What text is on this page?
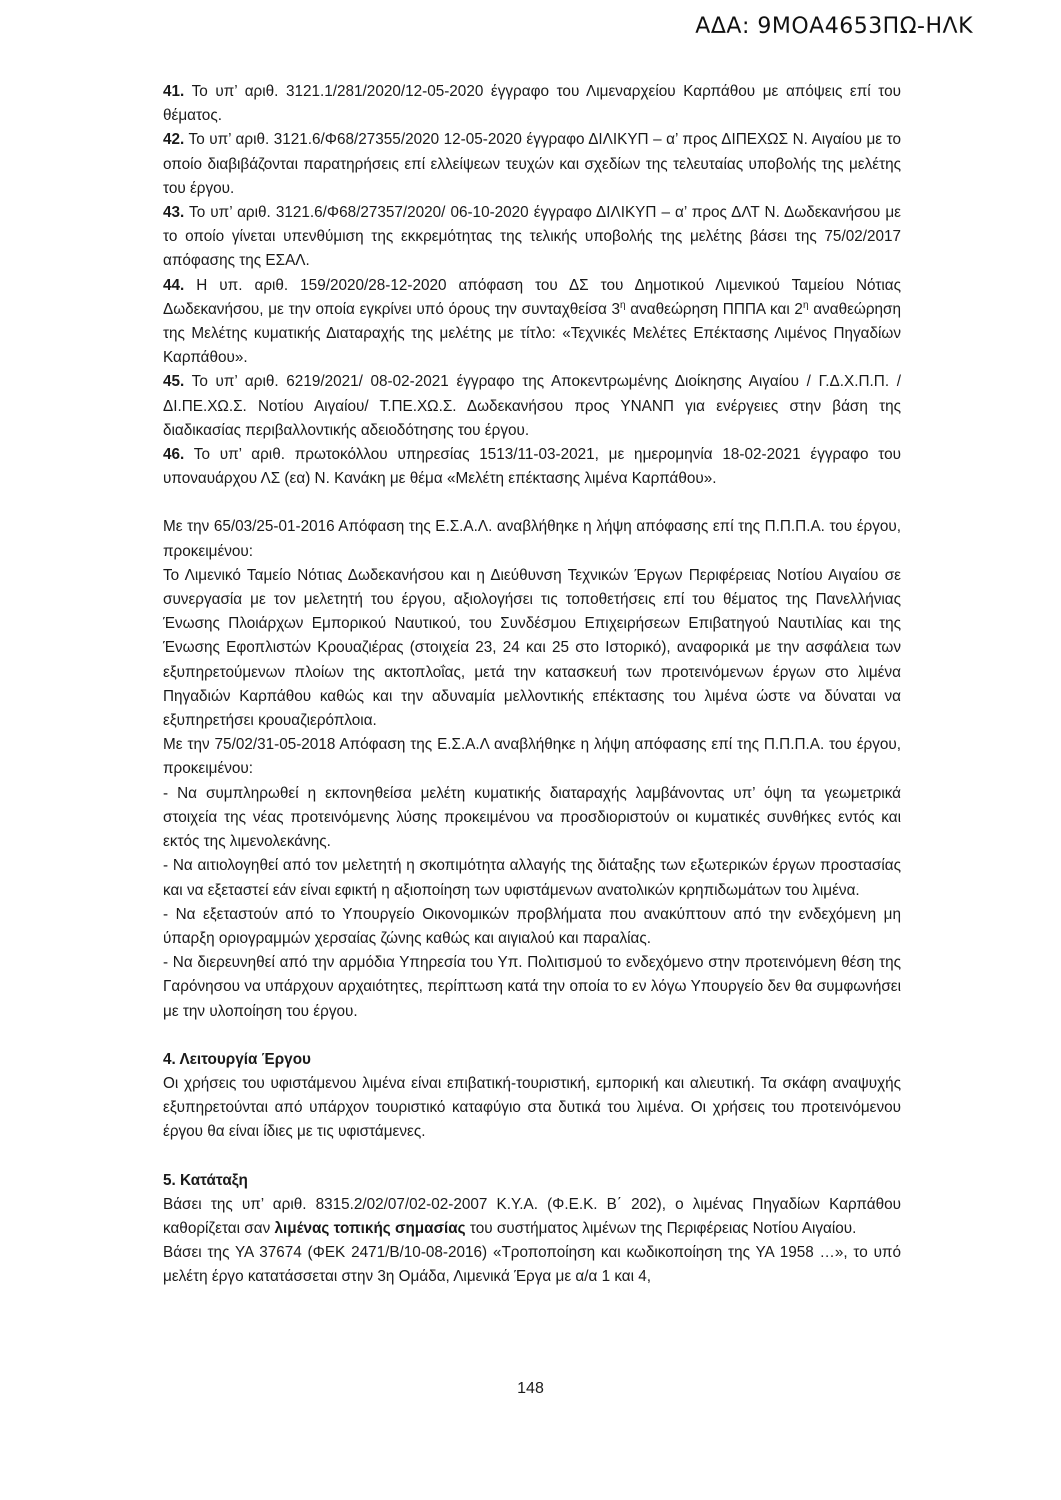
ΑΔΑ: 9ΜΟΑ4653ΠΩ-ΗΛΚ

41. Το υπ’ αριθ. 3121.1/281/2020/12-05-2020 έγγραφο του Λιμεναρχείου Καρπάθου με απόψεις επί του θέματος.

42. Το υπ’ αριθ. 3121.6/Φ68/27355/2020 12-05-2020 έγγραφο ΔΙΛΙΚΥΠ – α’ προς ΔΙΠΕΧΩΣ Ν. Αιγαίου με το οποίο διαβιβάζονται παρατηρήσεις επί ελλείψεων τευχών και σχεδίων της τελευταίας υποβολής της μελέτης του έργου.

43. Το υπ’ αριθ. 3121.6/Φ68/27357/2020/ 06-10-2020 έγγραφο ΔΙΛΙΚΥΠ – α’ προς ΔΛΤ Ν. Δωδεκανήσου με το οποίο γίνεται υπενθύμιση της εκκρεμότητας της τελικής υποβολής της μελέτης βάσει της 75/02/2017 απόφασης της ΕΣΑΛ.

44. Η υπ. αριθ. 159/2020/28-12-2020 απόφαση του ΔΣ του Δημοτικού Λιμενικού Ταμείου Νότιας Δωδεκανήσου, με την οποία εγκρίνει υπό όρους την συνταχθείσα $3^\eta$ αναθεώρηση ΠΠΠΑ και $2^\eta$ αναθεώρηση της Μελέτης κυματικής Διαταραχής της μελέτης με τίτλο: «Τεχνικές Μελέτες Επέκτασης Λιμένος Πηγαδίων Καρπάθου».

45. Το υπ’ αριθ. 6219/2021/ 08-02-2021 έγγραφο της Αποκεντρωμένης Διοίκησης Αιγαίου / Γ.Δ.Χ.Π.Π. / ΔΙ.ΠΕ.ΧΩ.Σ. Νοτίου Αιγαίου/ Τ.ΠΕ.ΧΩ.Σ. Δωδεκανήσου προς ΥΝΑΝΠ για ενέργειες στην βάση της διαδικασίας περιβαλλοντικής αδειοδότησης του έργου.

46. Το υπ’ αριθ. πρωτοκόλλου υπηρεσίας 1513/11-03-2021, με ημερομηνία 18-02-2021 έγγραφο του υποναυάρχου ΛΣ (εα) Ν. Κανάκη με θέμα «Μελέτη επέκτασης λιμένα Καρπάθου».

Με την 65/03/25-01-2016 Απόφαση της Ε.Σ.Α.Λ. αναβλήθηκε η λήψη απόφασης επί της Π.Π.Π.Α. του έργου, προκειμένου:

Το Λιμενικό Ταμείο Νότιας Δωδεκανήσου και η Διεύθυνση Τεχνικών Έργων Περιφέρειας Νοτίου Αιγαίου σε συνεργασία με τον μελετητή του έργου, αξιολογήσει τις τοποθετήσεις επί του θέματος της Πανελλήνιας Ένωσης Πλοιάρχων Εμπορικού Ναυτικού, του Συνδέσμου Επιχειρήσεων Επιβατηγού Ναυτιλίας και της Ένωσης Εφοπλιστών Κρουαζιέρας (στοιχεία 23, 24 και 25 στο Ιστορικό), αναφορικά με την ασφάλεια των εξυπηρετούμενων πλοίων της ακτοπλοΐας, μετά την κατασκευή των προτεινόμενων έργων στο λιμένα Πηγαδιών Καρπάθου καθώς και την αδυναμία μελλοντικής επέκτασης του λιμένα ώστε να δύναται να εξυπηρετήσει κρουαζιερόπλοια.

Με την 75/02/31-05-2018 Απόφαση της Ε.Σ.Α.Λ αναβλήθηκε η λήψη απόφασης επί της Π.Π.Π.Α. του έργου, προκειμένου:

- Να συμπληρωθεί η εκπονηθείσα μελέτη κυματικής διαταραχής λαμβάνοντας υπ’ όψη τα γεωμετρικά στοιχεία της νέας προτεινόμενης λύσης προκειμένου να προσδιοριστούν οι κυματικές συνθήκες εντός και εκτός της λιμενολεκάνης.

- Να αιτιολογηθεί από τον μελετητή η σκοπιμότητα αλλαγής της διάταξης των εξωτερικών έργων προστασίας και να εξεταστεί εάν είναι εφικτή η αξιοποίηση των υφιστάμενων ανατολικών κρηπιδωμάτων του λιμένα.

- Να εξεταστούν από το Υπουργείο Οικονομικών προβλήματα που ανακύπτουν από την ενδεχόμενη μη ύπαρξη οριογραμμών χερσαίας ζώνης καθώς και αιγιαλού και παραλίας.

- Να διερευνηθεί από την αρμόδια Υπηρεσία του Υπ. Πολιτισμού το ενδεχόμενο στην προτεινόμενη θέση της Γαρόνησου να υπάρχουν αρχαιότητες, περίπτωση κατά την οποία το εν λόγω Υπουργείο δεν θα συμφωνήσει με την υλοποίηση του έργου.

4. Λειτουργία Έργου

Οι χρήσεις του υφιστάμενου λιμένα είναι επιβατική-τουριστική, εμπορική και αλιευτική. Τα σκάφη αναψυχής εξυπηρετούνται από υπάρχον τουριστικό καταφύγιο στα δυτικά του λιμένα. Οι χρήσεις του προτεινόμενου έργου θα είναι ίδιες με τις υφιστάμενες.

5. Κατάταξη

Βάσει της υπ’ αριθ. 8315.2/02/07/02-02-2007 Κ.Υ.Α. (Φ.Ε.Κ. Β΄ 202), ο λιμένας Πηγαδίων Καρπάθου καθορίζεται σαν λιμένας τοπικής σημασίας του συστήματος λιμένων της Περιφέρειας Νοτίου Αιγαίου.

Βάσει της ΥΑ 37674 (ΦΕΚ 2471/Β/10-08-2016) «Τροποποίηση και κωδικοποίηση της ΥΑ 1958 …», το υπό μελέτη έργο κατατάσσεται στην 3η Ομάδα, Λιμενικά Έργα με α/α 1 και 4,

148
